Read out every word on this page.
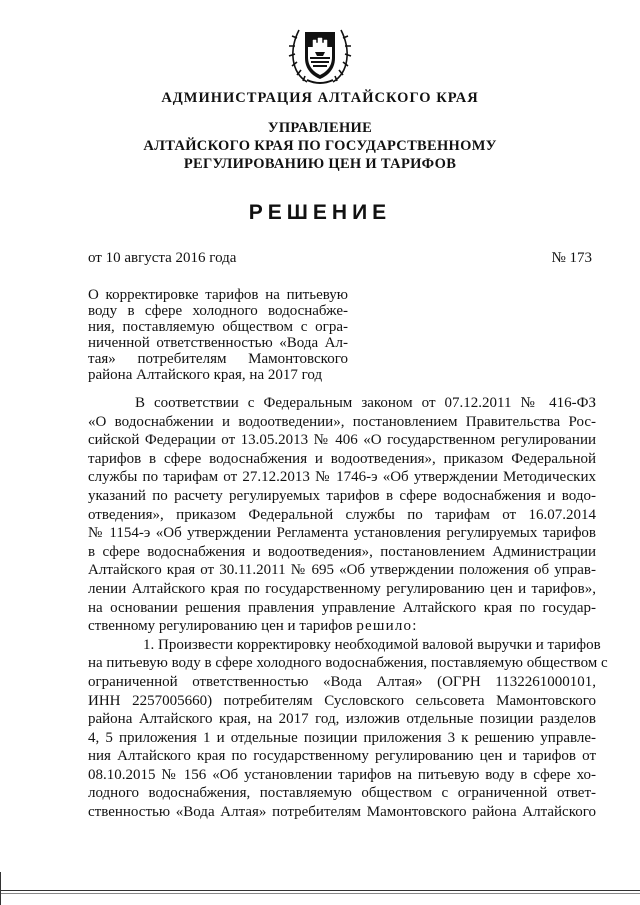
АДМИНИСТРАЦИЯ АЛТАЙСКОГО КРАЯ
УПРАВЛЕНИЕ
АЛТАЙСКОГО КРАЯ ПО ГОСУДАРСТВЕННОМУ
РЕГУЛИРОВАНИЮ ЦЕН И ТАРИФОВ
РЕШЕНИЕ
от 10 августа 2016 года	№ 173
О корректировке тарифов на питьевую
воду в сфере холодного водоснабже-
ния, поставляемую обществом с огра-
ниченной ответственностью «Вода Ал-
тая» потребителям Мамонтовского
района Алтайского края, на 2017 год
В соответствии с Федеральным законом от 07.12.2011 № 416-ФЗ
«О водоснабжении и водоотведении», постановлением Правительства Рос-
сийской Федерации от 13.05.2013 № 406 «О государственном регулировании
тарифов в сфере водоснабжения и водоотведения», приказом Федеральной
службы по тарифам от 27.12.2013 № 1746-э «Об утверждении Методических
указаний по расчету регулируемых тарифов в сфере водоснабжения и водо-
отведения», приказом Федеральной службы по тарифам от 16.07.2014
№ 1154-э «Об утверждении Регламента установления регулируемых тарифов
в сфере водоснабжения и водоотведения», постановлением Администрации
Алтайского края от 30.11.2011 № 695 «Об утверждении положения об управ-
лении Алтайского края по государственному регулированию цен и тарифов»,
на основании решения правления управление Алтайского края по государ-
ственному регулированию цен и тарифов решило:
1. Произвести корректировку необходимой валовой выручки и тарифов
на питьевую воду в сфере холодного водоснабжения, поставляемую обществом с
ограниченной ответственностью «Вода Алтая» (ОГРН 1132261000101,
ИНН 2257005660) потребителям Сусловского сельсовета Мамонтовского
района Алтайского края, на 2017 год, изложив отдельные позиции разделов
4, 5 приложения 1 и отдельные позиции приложения 3 к решению управле-
ния Алтайского края по государственному регулированию цен и тарифов от
08.10.2015 № 156 «Об установлении тарифов на питьевую воду в сфере хо-
лодного водоснабжения, поставляемую обществом с ограниченной ответ-
ственностью «Вода Алтая» потребителям Мамонтовского района Алтайского
